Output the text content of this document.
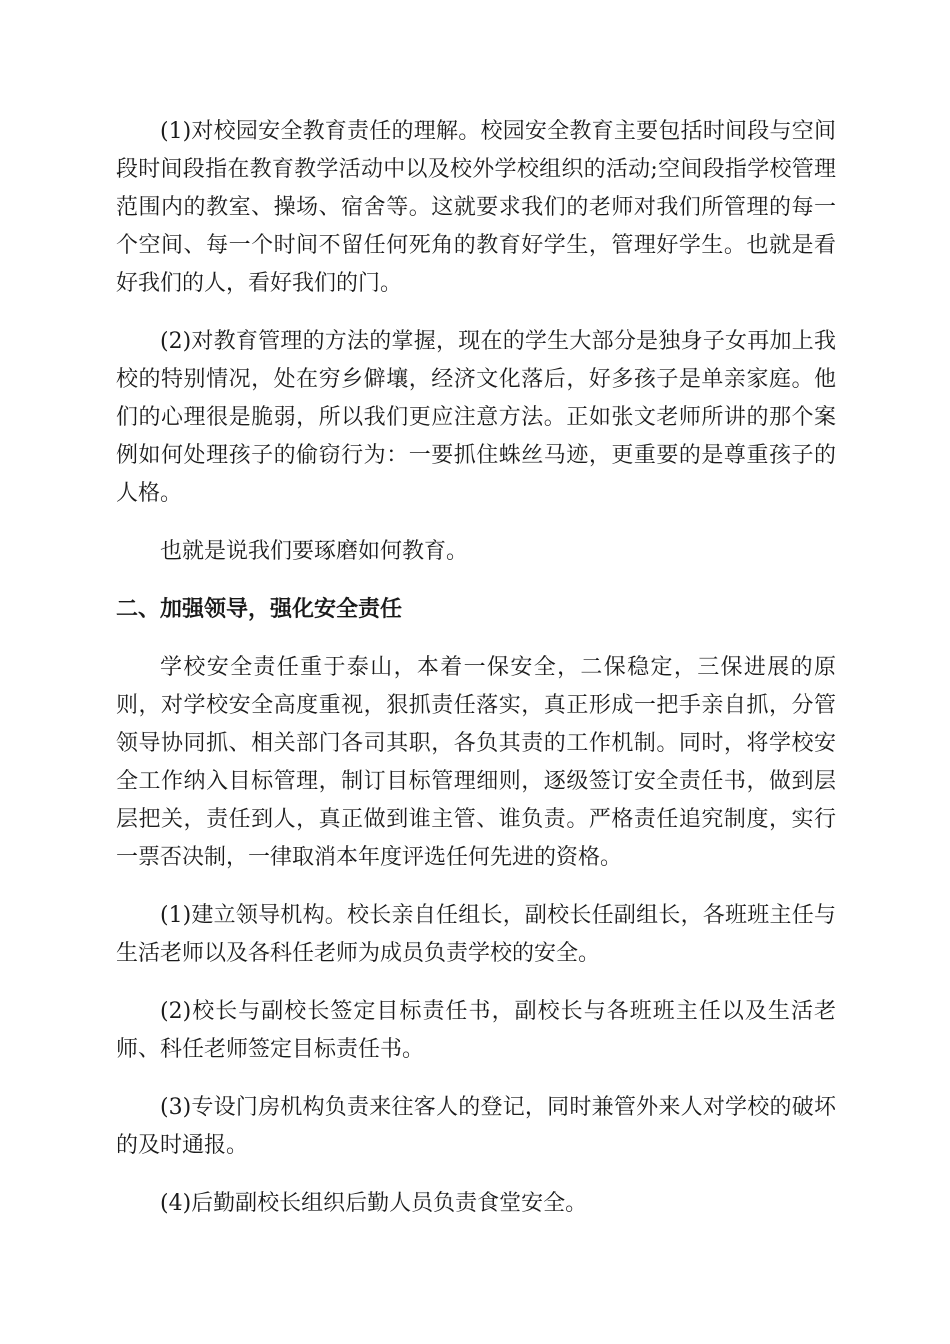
(1)对校园安全教育责任的理解。校园安全教育主要包括时间段与空间段时间段指在教育教学活动中以及校外学校组织的活动;空间段指学校管理范围内的教室、操场、宿舍等。这就要求我们的老师对我们所管理的每一个空间、每一个时间不留任何死角的教育好学生，管理好学生。也就是看好我们的人，看好我们的门。

(2)对教育管理的方法的掌握，现在的学生大部分是独身子女再加上我校的特别情况，处在穷乡僻壤，经济文化落后，好多孩子是单亲家庭。他们的心理很是脆弱，所以我们更应注意方法。正如张文老师所讲的那个案例如何处理孩子的偷窃行为：一要抓住蛛丝马迹，更重要的是尊重孩子的人格。

也就是说我们要琢磨如何教育。

二、加强领导，强化安全责任

学校安全责任重于泰山，本着一保安全，二保稳定，三保进展的原则，对学校安全高度重视，狠抓责任落实，真正形成一把手亲自抓，分管领导协同抓、相关部门各司其职，各负其责的工作机制。同时，将学校安全工作纳入目标管理，制订目标管理细则，逐级签订安全责任书，做到层层把关，责任到人，真正做到谁主管、谁负责。严格责任追究制度，实行一票否决制，一律取消本年度评选任何先进的资格。

(1)建立领导机构。校长亲自任组长，副校长任副组长，各班班主任与生活老师以及各科任老师为成员负责学校的安全。

(2)校长与副校长签定目标责任书，副校长与各班班主任以及生活老师、科任老师签定目标责任书。

(3)专设门房机构负责来往客人的登记，同时兼管外来人对学校的破坏的及时通报。

(4)后勤副校长组织后勤人员负责食堂安全。
